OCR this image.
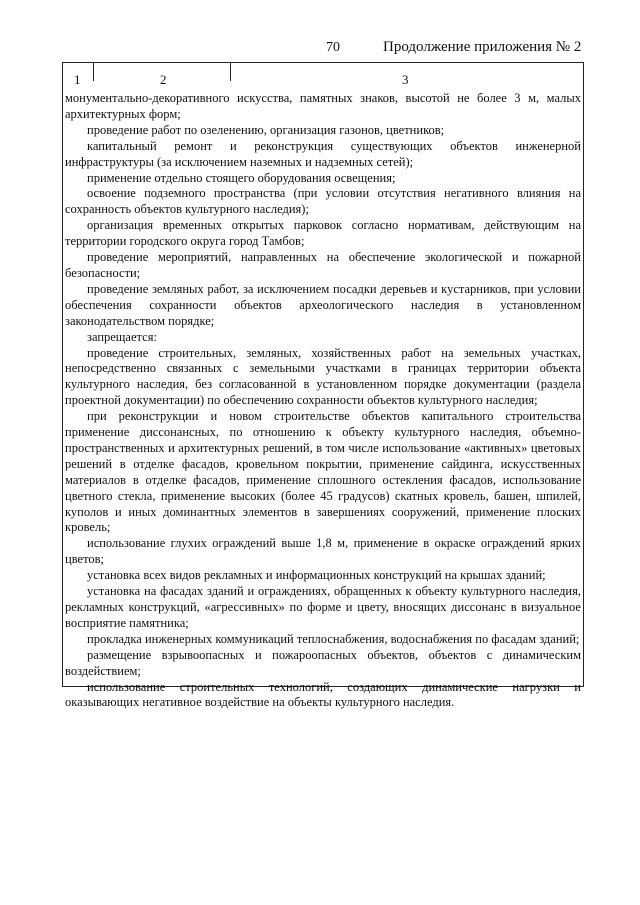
70	Продолжение приложения № 2
1	2	3

монументально-декоративного искусства, памятных знаков, высотой не более 3 м, малых архитектурных форм;

проведение работ по озеленению, организация газонов, цветников;

капитальный ремонт и реконструкция существующих объектов инженерной инфраструктуры (за исключением наземных и надземных сетей);

применение отдельно стоящего оборудования освещения;

освоение подземного пространства (при условии отсутствия негативного влияния на сохранность объектов культурного наследия);

организация временных открытых парковок согласно нормативам, действующим на территории городского округа город Тамбов;

проведение мероприятий, направленных на обеспечение экологической и пожарной безопасности;

проведение земляных работ, за исключением посадки деревьев и кустарников, при условии обеспечения сохранности объектов археологического наследия в установленном законодательством порядке;

запрещается:

проведение строительных, земляных, хозяйственных работ на земельных участках, непосредственно связанных с земельными участками в границах территории объекта культурного наследия, без согласованной в установленном порядке документации (раздела проектной документации) по обеспечению сохранности объектов культурного наследия;

при реконструкции и новом строительстве объектов капитального строительства применение диссонансных, по отношению к объекту культурного наследия, объемно-пространственных и архитектурных решений, в том числе использование «активных» цветовых решений в отделке фасадов, кровельном покрытии, применение сайдинга, искусственных материалов в отделке фасадов, применение сплошного остекления фасадов, использование цветного стекла, применение высоких (более 45 градусов) скатных кровель, башен, шпилей, куполов и иных доминантных элементов в завершениях сооружений, применение плоских кровель;

использование глухих ограждений выше 1,8 м, применение в окраске ограждений ярких цветов;

установка всех видов рекламных и информационных конструкций на крышах зданий;

установка на фасадах зданий и ограждениях, обращенных к объекту культурного наследия, рекламных конструкций, «агрессивных» по форме и цвету, вносящих диссонанс в визуальное восприятие памятника;

прокладка инженерных коммуникаций теплоснабжения, водоснабжения по фасадам зданий;

размещение взрывоопасных и пожароопасных объектов, объектов с динамическим воздействием;

использование строительных технологий, создающих динамические нагрузки и оказывающих негативное воздействие на объекты культурного наследия.
